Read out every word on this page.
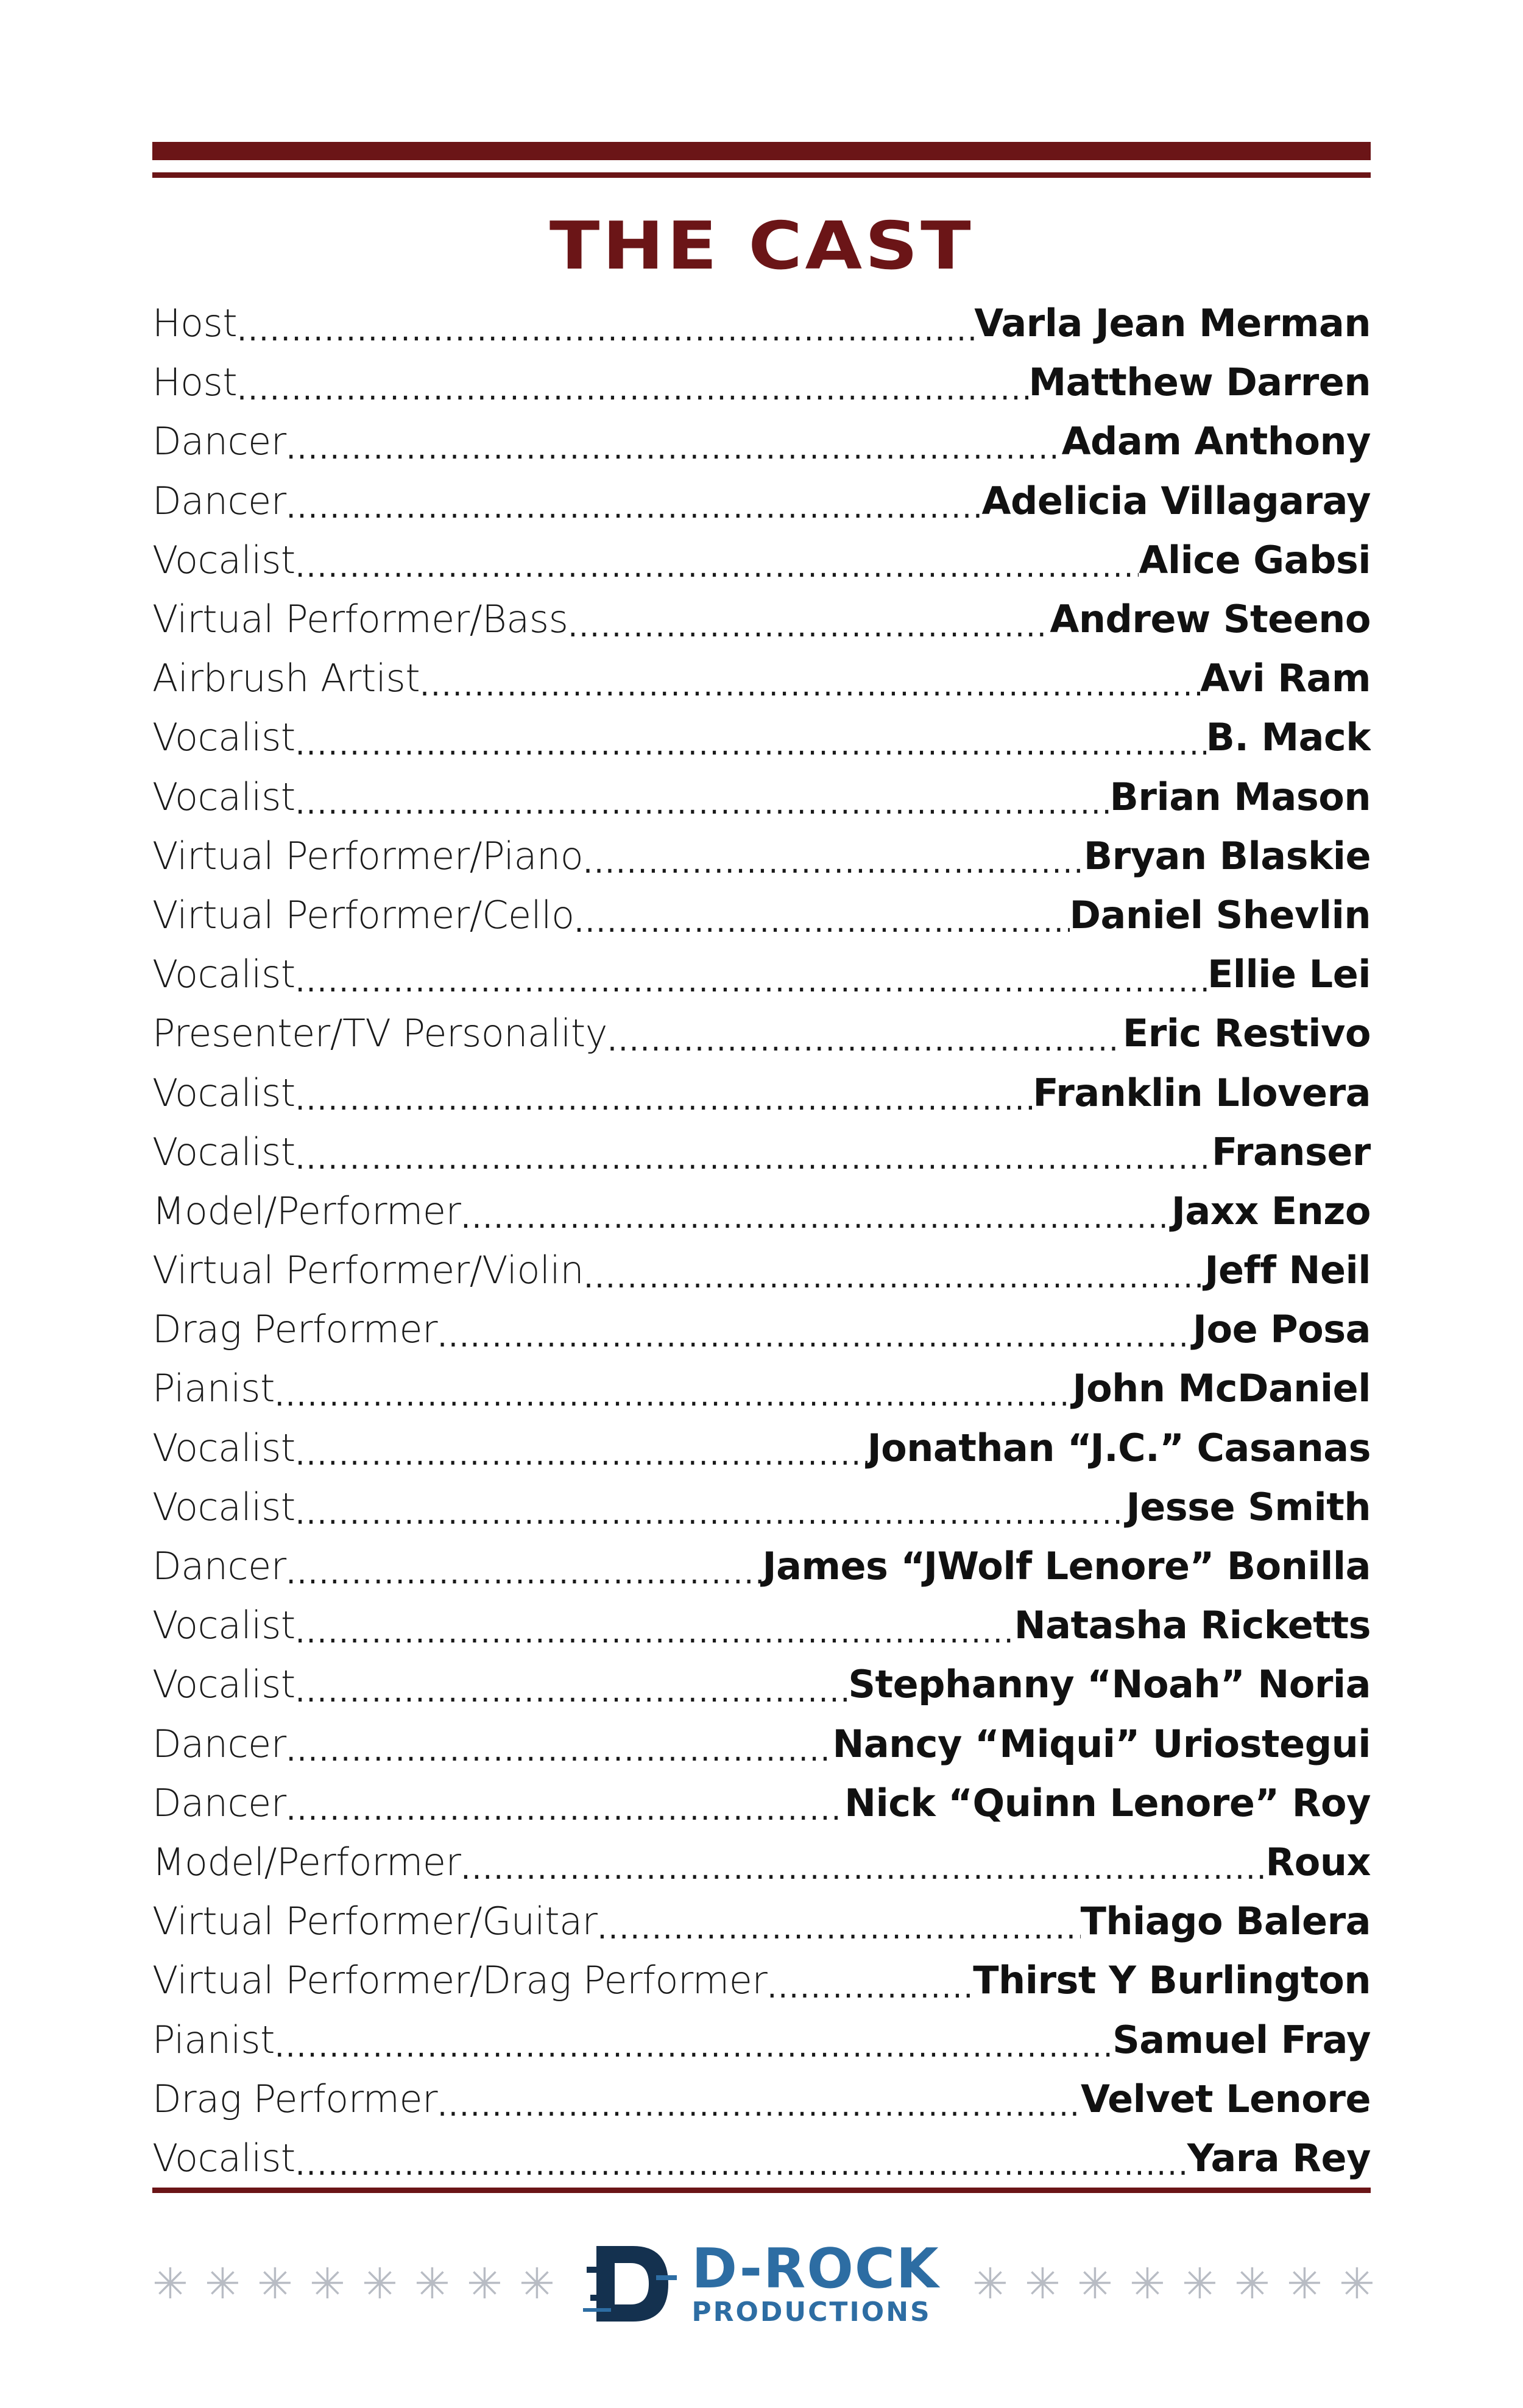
THE CAST
Host .....	Varla Jean Merman
Host .....	Matthew Darren
Dancer .....	Adam Anthony
Dancer .....	Adelicia Villagaray
Vocalist .....	Alice Gabsi
Virtual Performer/Bass .....	Andrew Steeno
Airbrush Artist .....	Avi Ram
Vocalist .....	B. Mack
Vocalist .....	Brian Mason
Virtual Performer/Piano .....	Bryan Blaskie
Virtual Performer/Cello .....	Daniel Shevlin
Vocalist .....	Ellie Lei
Presenter/TV Personality .....	Eric Restivo
Vocalist .....	Franklin Llovera
Vocalist .....	Franser
Model/Performer .....	Jaxx Enzo
Virtual Performer/Violin .....	Jeff Neil
Drag Performer .....	Joe Posa
Pianist .....	John McDaniel
Vocalist .....	Jonathan “J.C.” Casanas
Vocalist .....	Jesse Smith
Dancer .....	James “JWolf Lenore” Bonilla
Vocalist .....	Natasha Ricketts
Vocalist .....	Stephanny “Noah” Noria
Dancer .....	Nancy “Miqui” Uriostegui
Dancer .....	Nick “Quinn Lenore” Roy
Model/Performer .....	Roux
Virtual Performer/Guitar .....	Thiago Balera
Virtual Performer/Drag Performer .....	Thirst Y Burlington
Pianist .....	Samuel Fray
Drag Performer .....	Velvet Lenore
Vocalist .....	Yara Rey
✳ ✳ ✳ ✳ ✳ ✳ ✳ ✳ D-ROCK
PRODUCTIONS
✳ ✳ ✳ ✳ ✳ ✳ ✳ ✳
